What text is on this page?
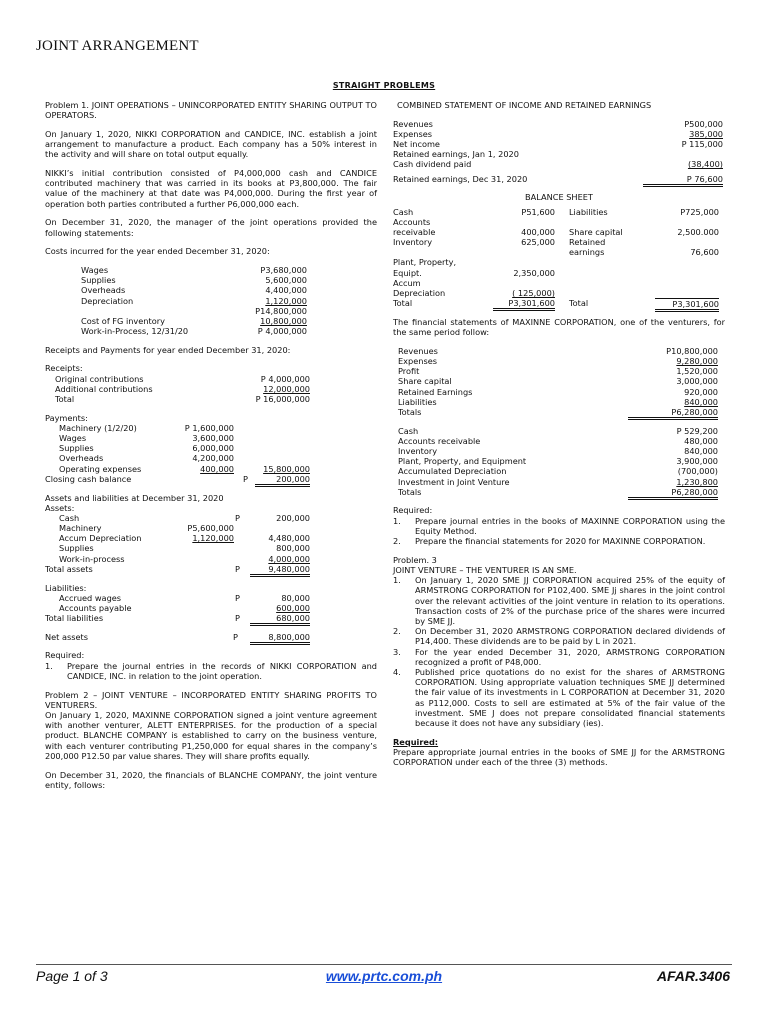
JOINT ARRANGEMENT
STRAIGHT PROBLEMS

Problem 1. JOINT OPERATIONS – UNINCORPORATED ENTITY SHARING OUTPUT TO OPERATORS.

On January 1, 2020, NIKKI CORPORATION and CANDICE, INC. establish a joint arrangement to manufacture a product. Each company has a 50% interest in the activity and will share on total output equally.

NIKKI’s initial contribution consisted of P4,000,000 cash and CANDICE contributed machinery that was carried in its books at P3,800,000. The fair value of the machinery at that date was P4,000,000. During the first year of operation both parties contributed a further P6,000,000 each.

On December 31, 2020, the manager of the joint operations provided the following statements:

Costs incurred for the year ended December 31, 2020:

Wages	P3,680,000
Supplies	5,600,000
Overheads	4,400,000
Depreciation	1,120,000
P14,800,000
Cost of FG inventory	10,800,000
Work-in-Process, 12/31/20	P 4,000,000

Receipts and Payments for year ended December 31, 2020:

Receipts:
Original contributions	P 4,000,000
Additional contributions	12,000,000
Total	P 16,000,000
Payments:
Machinery (1/2/20)	P 1,600,000
Wages	3,600,000
Supplies	6,000,000
Overheads	4,200,000
Operating expenses	400,000	15,800,000
Closing cash balance	P	200,000

Assets and liabilities at December 31, 2020

Assets:
Cash	P	200,000
Machinery	P5,600,000
Accum Depreciation	1,120,000	4,480,000
Supplies	800,000
Work-in-process	4,000,000
Total assets	P	9,480,000
Liabilities:
Accrued wages	P	80,000
Accounts payable	600,000
Total liabilities	P	680,000
Net assets	P	8,800,000

Required:

1.	Prepare the journal entries in the records of NIKKI CORPORATION and CANDICE, INC. in relation to the joint operation.

Problem 2 – JOINT VENTURE – INCORPORATED ENTITY SHARING PROFITS TO VENTURERS.

On January 1, 2020, MAXINNE CORPORATION signed a joint venture agreement with another venturer, ALETT ENTERPRISES. for the production of a special product. BLANCHE COMPANY is established to carry on the business venture, with each venturer contributing P1,250,000 for equal shares in the company’s 200,000 P12.50 par value shares. They will share profits equally.

On December 31, 2020, the financials of BLANCHE COMPANY, the joint venture entity, follows:

COMBINED STATEMENT OF INCOME AND RETAINED EARNINGS

Revenues	P500,000
Expenses	385,000
Net income	P 115,000
Retained earnings, Jan 1, 2020
Cash dividend paid	(38,400)
Retained earnings, Dec 31, 2020	P 76,600

BALANCE SHEET

Cash	P51,600 Liabilities	P725,000
Accounts
receivable	400,000 Share capital	2,500.000
Inventory	625,000 Retained
earnings	76,600
Plant, Property,
Equipt.	2,350,000
Accum
Depreciation	( 125,000)
Total	P3,301,600 Total	P3,301,600

The financial statements of MAXINNE CORPORATION, one of the venturers, for the same period follow:

Revenues	P10,800,000
Expenses	9,280,000
Profit	1,520,000
Share capital	3,000,000
Retained Earnings	920,000
Liabilities	840,000
Totals	P6,280,000
Cash	P 529,200
Accounts receivable	480,000
Inventory	840,000
Plant, Property, and Equipment	3,900,000
Accumulated Depreciation	(700,000)
Investment in Joint Venture	1,230,800
Totals	P6,280,000

Required:

1.	Prepare journal entries in the books of MAXINNE CORPORATION using the Equity Method.
2.	Prepare the financial statements for 2020 for MAXINNE CORPORATION.

Problem. 3

JOINT VENTURE – THE VENTURER IS AN SME.

1.	On January 1, 2020 SME JJ CORPORATION acquired 25% of the equity of ARMSTRONG CORPORATION for P102,400. SME Jj shares in the joint control over the relevant activities of the joint venture in relation to its operations. Transaction costs of 2% of the purchase price of the shares were incurred by SME JJ.
2.	On December 31, 2020 ARMSTRONG CORPORATION declared dividends of P14,400. These dividends are to be paid by L in 2021.
3.	For the year ended December 31, 2020, ARMSTRONG CORPORATION recognized a profit of P48,000.
4.	Published price quotations do no exist for the shares of ARMSTRONG CORPORATION. Using appropriate valuation techniques SME JJ determined the fair value of its investments in L CORPORATION at December 31, 2020 as P112,000. Costs to sell are estimated at 5% of the fair value of the investment. SME J does not prepare consolidated financial statements because it does not have any subsidiary (ies).

Required:

Prepare appropriate journal entries in the books of SME JJ for the ARMSTRONG CORPORATION under each of the three (3) methods.

Page 1 of 3	www.prtc.com.ph	AFAR.3406
